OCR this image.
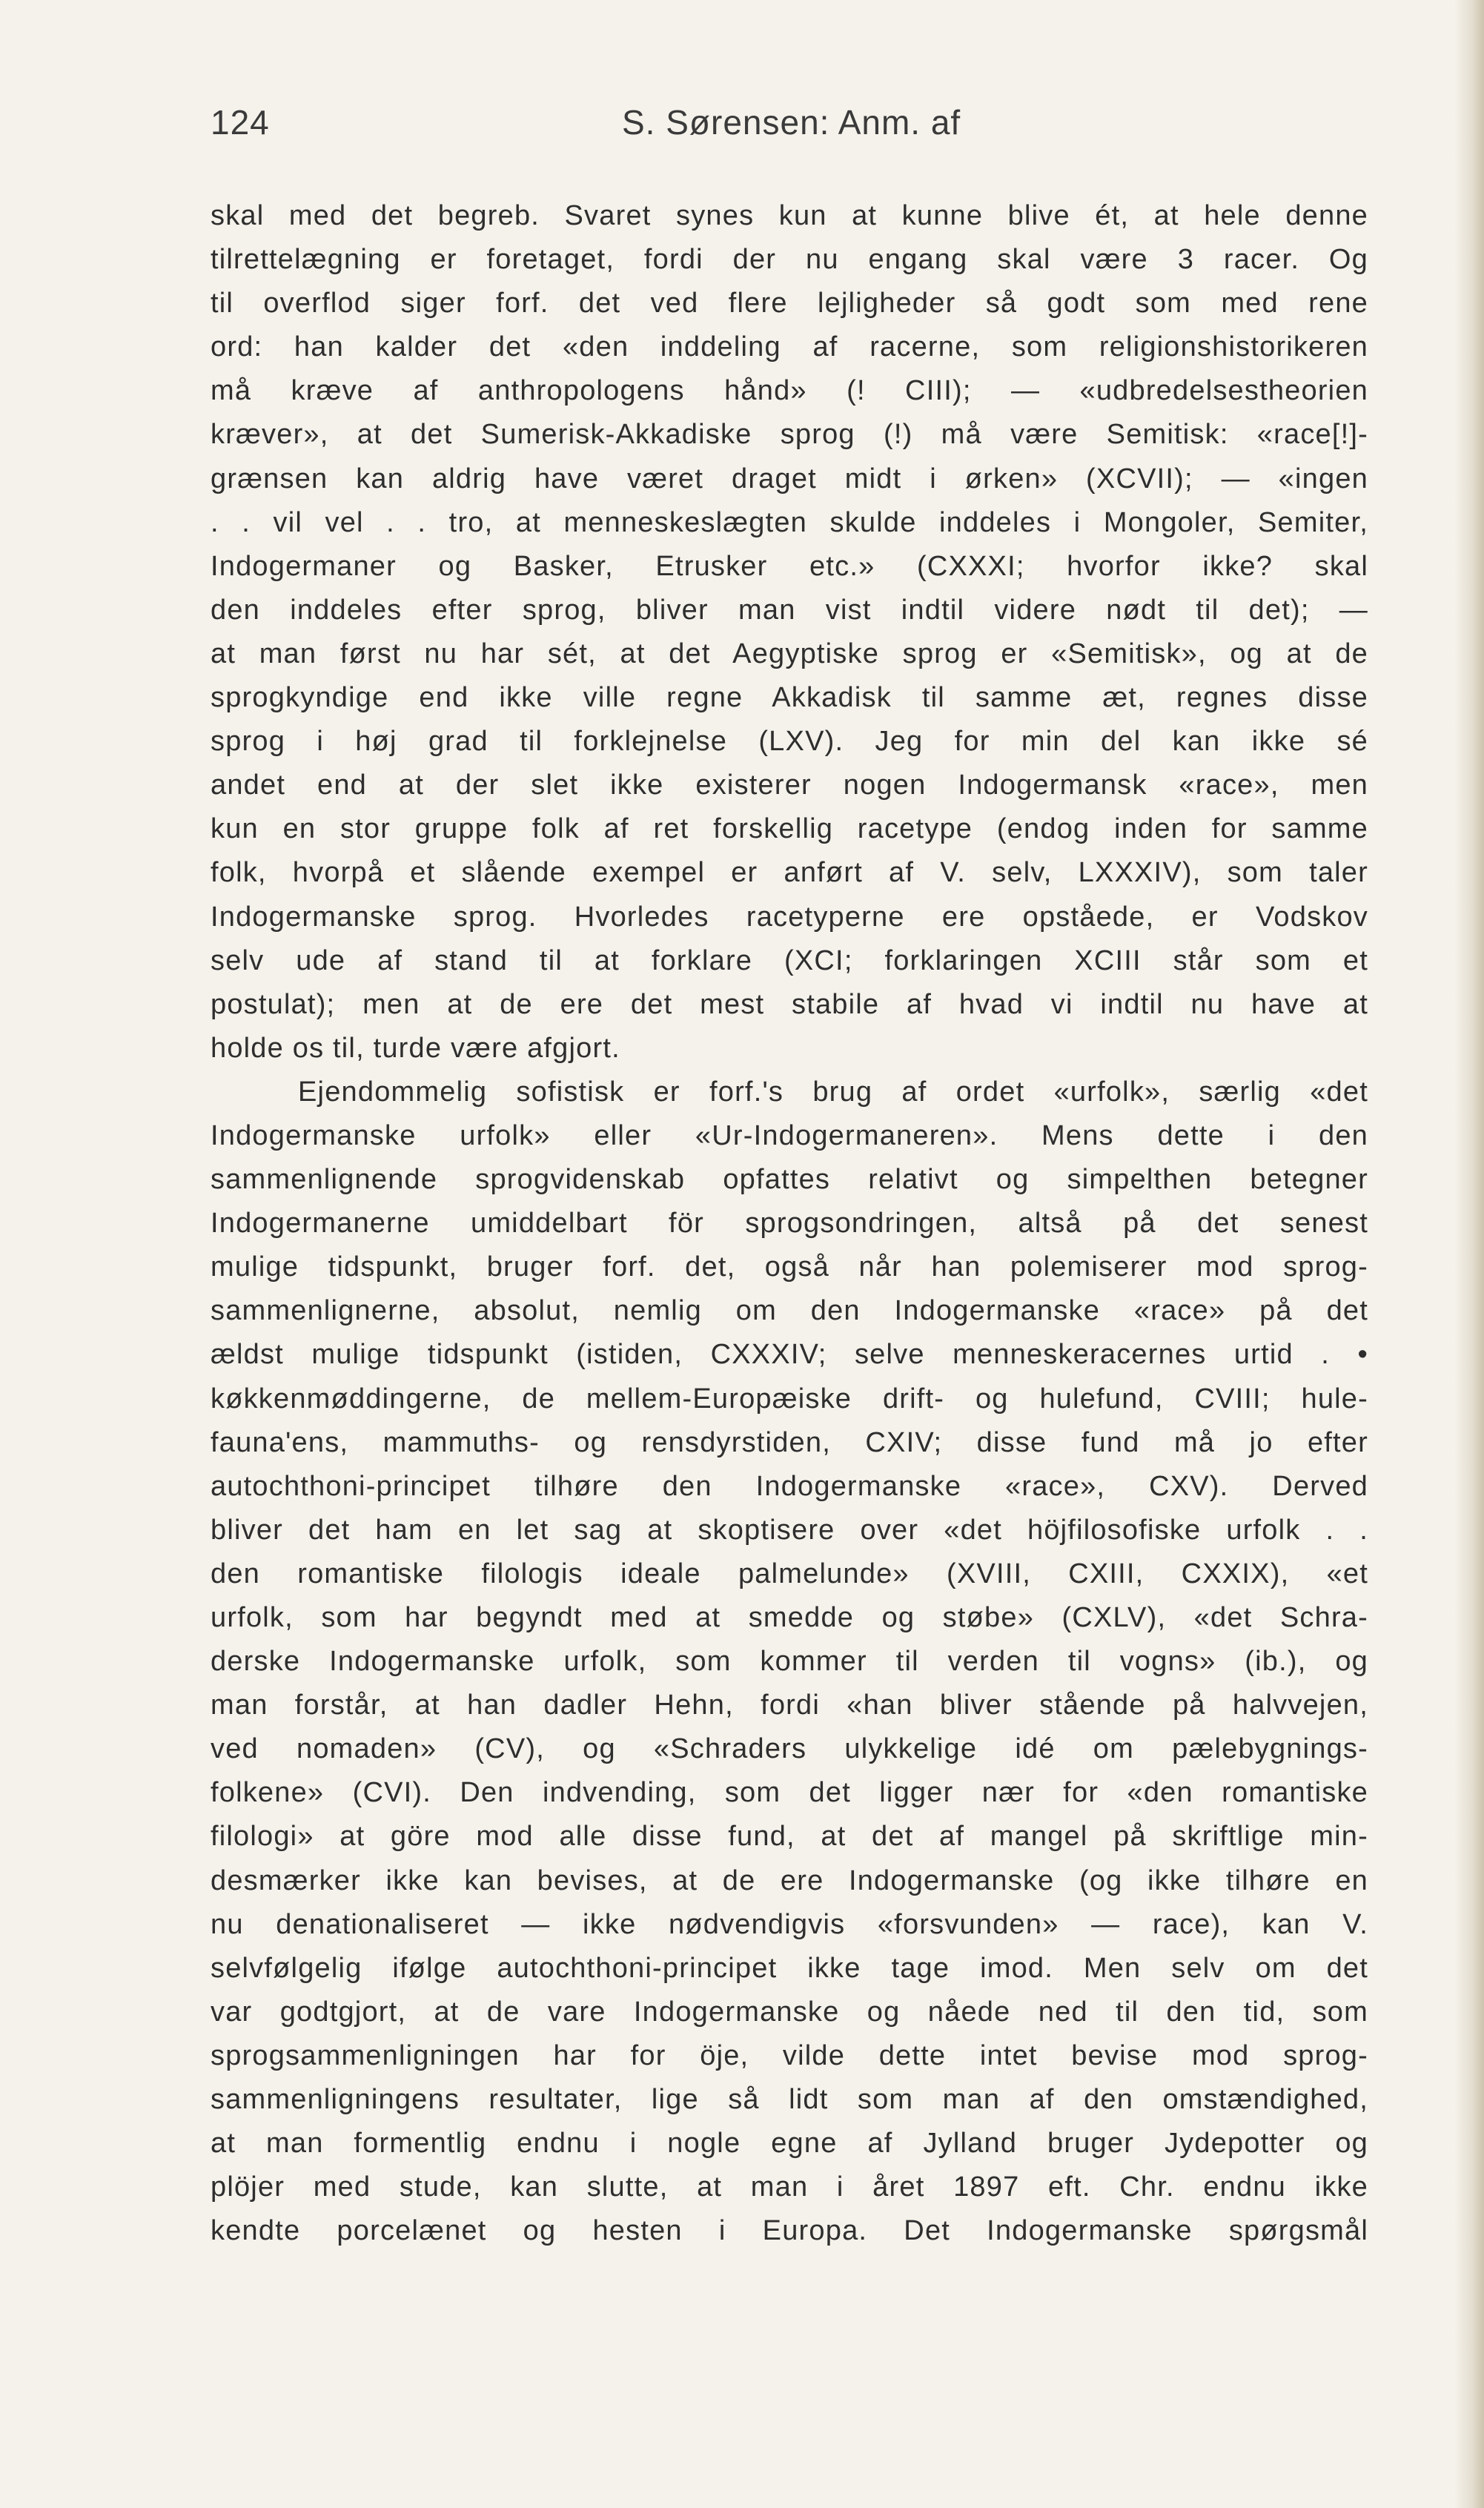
124	S. Sørensen: Anm. af
skal med det begreb. Svaret synes kun at kunne blive ét, at hele denne
tilrettelægning er foretaget, fordi der nu engang skal være 3 racer. Og
til overflod siger forf. det ved flere lejligheder så godt som med rene
ord: han kalder det «den inddeling af racerne, som religionshistorikeren
må kræve af anthropologens hånd» (! CIII); — «udbredelsestheorien
kræver», at det Sumerisk-Akkadiske sprog (!) må være Semitisk: «race[!]-
grænsen kan aldrig have været draget midt i ørken» (XCVII); — «ingen
. . vil vel . . tro, at menneskeslægten skulde inddeles i Mongoler, Semiter,
Indogermaner og Basker, Etrusker etc.» (CXXXI; hvorfor ikke? skal
den inddeles efter sprog, bliver man vist indtil videre nødt til det); —
at man først nu har sét, at det Aegyptiske sprog er «Semitisk», og at de
sprogkyndige end ikke ville regne Akkadisk til samme æt, regnes disse
sprog i høj grad til forklejnelse (LXV). Jeg for min del kan ikke sé
andet end at der slet ikke existerer nogen Indogermansk «race», men
kun en stor gruppe folk af ret forskellig racetype (endog inden for samme
folk, hvorpå et slående exempel er anført af V. selv, LXXXIV), som taler
Indogermanske sprog. Hvorledes racetyperne ere opståede, er Vodskov
selv ude af stand til at forklare (XCI; forklaringen XCIII står som et
postulat); men at de ere det mest stabile af hvad vi indtil nu have at
holde os til, turde være afgjort.
Ejendommelig sofistisk er forf.'s brug af ordet «urfolk», særlig «det
Indogermanske urfolk» eller «Ur-Indogermaneren». Mens dette i den
sammenlignende sprogvidenskab opfattes relativt og simpelthen betegner
Indogermanerne umiddelbart för sprogsondringen, altså på det senest
mulige tidspunkt, bruger forf. det, også når han polemiserer mod sprog-
sammenlignerne, absolut, nemlig om den Indogermanske «race» på det
ældst mulige tidspunkt (istiden, CXXXIV; selve menneskeracernes urtid . •
køkkenmøddingerne, de mellem-Europæiske drift- og hulefund, CVIII; hule-
fauna'ens, mammuths- og rensdyrstiden, CXIV; disse fund må jo efter
autochthoni-principet tilhøre den Indogermanske «race», CXV). Derved
bliver det ham en let sag at skoptisere over «det höjfilosofiske urfolk . .
den romantiske filologis ideale palmelunde» (XVIII, CXIII, CXXIX), «et
urfolk, som har begyndt med at smedde og støbe» (CXLV), «det Schra-
derske Indogermanske urfolk, som kommer til verden til vogns» (ib.), og
man forstår, at han dadler Hehn, fordi «han bliver stående på halvvejen,
ved nomaden» (CV), og «Schraders ulykkelige idé om pælebygnings-
folkene» (CVI). Den indvending, som det ligger nær for «den romantiske
filologi» at göre mod alle disse fund, at det af mangel på skriftlige min-
desmærker ikke kan bevises, at de ere Indogermanske (og ikke tilhøre en
nu denationaliseret — ikke nødvendigvis «forsvunden» — race), kan V.
selvfølgelig ifølge autochthoni-principet ikke tage imod. Men selv om det
var godtgjort, at de vare Indogermanske og nåede ned til den tid, som
sprogsammenligningen har for öje, vilde dette intet bevise mod sprog-
sammenligningens resultater, lige så lidt som man af den omstændighed,
at man formentlig endnu i nogle egne af Jylland bruger Jydepotter og
plöjer med stude, kan slutte, at man i året 1897 eft. Chr. endnu ikke
kendte porcelænet og hesten i Europa. Det Indogermanske spørgsmål
